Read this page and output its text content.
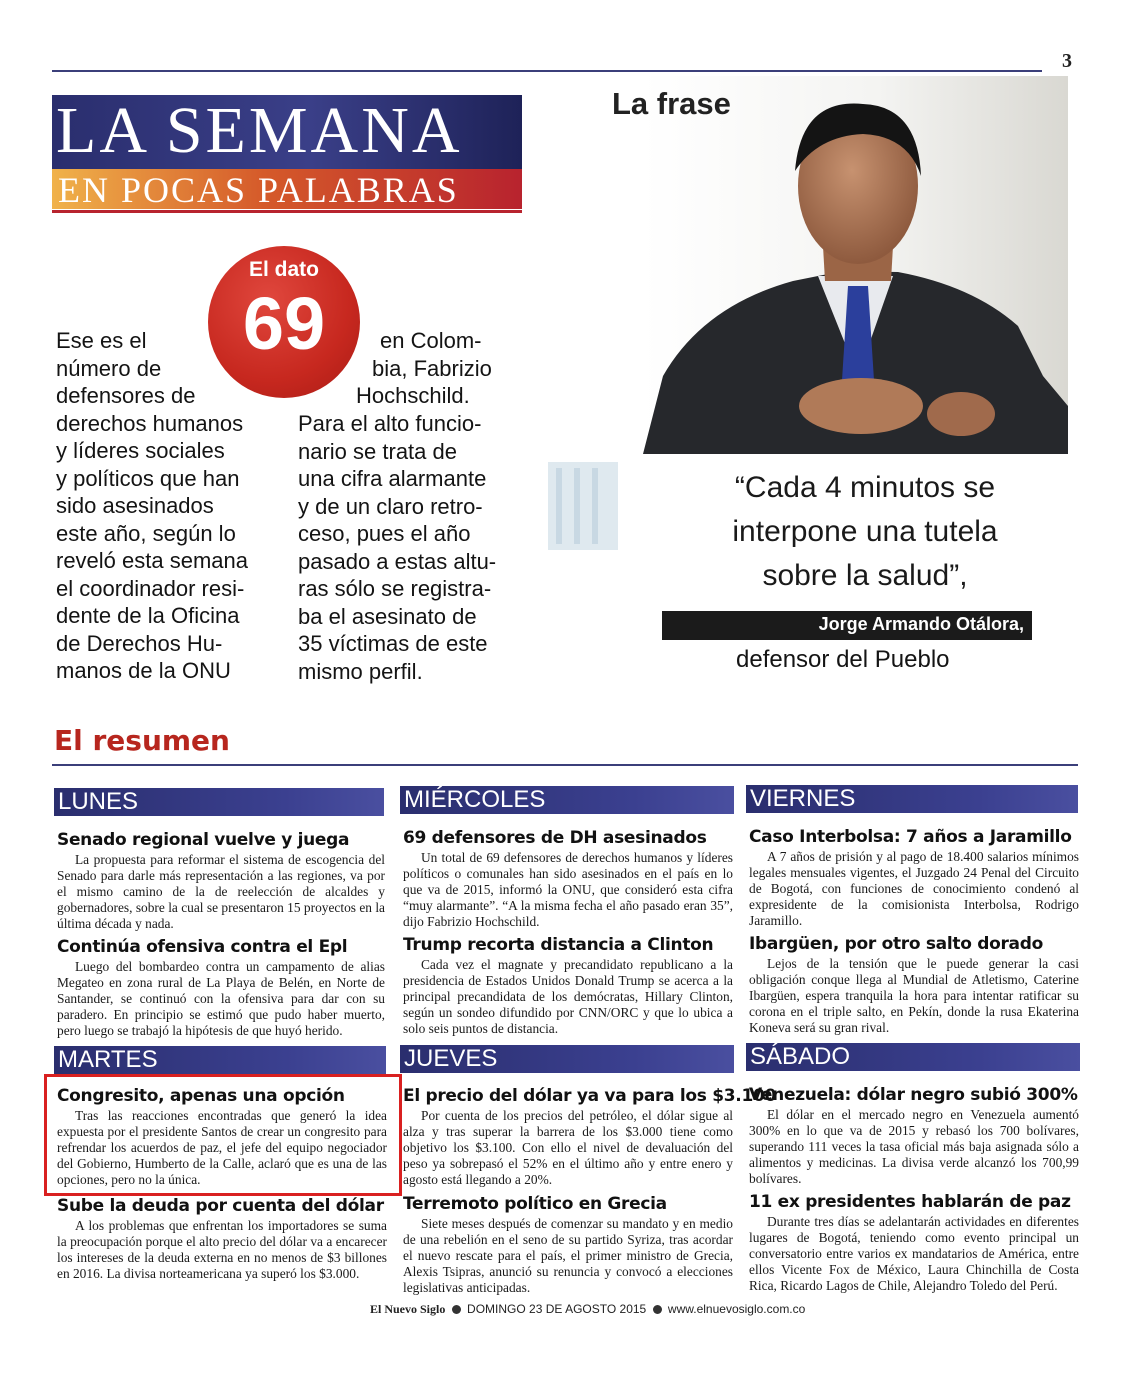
3
LA SEMANA
EN POCAS PALABRAS
El dato
69
Ese es el
número de
defensores de
derechos humanos
y líderes sociales
y políticos que han
sido asesinados
este año, según lo
reveló esta semana
el coordinador resi-
dente de la Oficina
de Derechos Hu-
manos de la ONU
en Colom-
bia, Fabrizio
Hochschild.
Para el alto funcio-
nario se trata de
una cifra alarmante
y de un claro retro-
ceso, pues el año
pasado a estas altu-
ras sólo se registra-
ba el asesinato de
35 víctimas de este
mismo perfil.
La frase
“Cada 4 minutos se
interpone una tutela
sobre la salud”,
Jorge Armando Otálora,
defensor del Pueblo
El resumen
LUNES
Senado regional vuelve y juega
La propuesta para reformar el sistema de escogencia del Senado para darle más representación a las regiones, va por el mismo camino de la de reelección de alcaldes y gobernadores, sobre la cual se presentaron 15 proyectos en la última década y nada.
Continúa ofensiva contra el Epl
Luego del bombardeo contra un campamento de alias Megateo en zona rural de La Playa de Belén, en Norte de Santander, se continuó con la ofensiva para dar con su paradero. En principio se estimó que pudo haber muerto, pero luego se trabajó la hipótesis de que huyó herido.
MARTES
Congresito, apenas una opción
Tras las reacciones encontradas que generó la idea expuesta por el presidente Santos de crear un congresito para refrendar los acuerdos de paz, el jefe del equipo negociador del Gobierno, Humberto de la Calle, aclaró que es una de las opciones, pero no la única.
Sube la deuda por cuenta del dólar
A los problemas que enfrentan los importadores se suma la preocupación porque el alto precio del dólar va a encarecer los intereses de la deuda externa en no menos de $3 billones en 2016. La divisa norteamericana ya superó los $3.000.
MIÉRCOLES
69 defensores de DH asesinados
Un total de 69 defensores de derechos humanos y líderes políticos o comunales han sido asesinados en el país en lo que va de 2015, informó la ONU, que consideró esta cifra “muy alarmante”. “A la misma fecha el año pasado eran 35”, dijo Fabrizio Hochschild.
Trump recorta distancia a Clinton
Cada vez el magnate y precandidato republicano a la presidencia de Estados Unidos Donald Trump se acerca a la principal precandidata de los demócratas, Hillary Clinton, según un sondeo difundido por CNN/ORC y que lo ubica a solo seis puntos de distancia.
JUEVES
El precio del dólar ya va para los $3.100
Por cuenta de los precios del petróleo, el dólar sigue al alza y tras superar la barrera de los $3.000 tiene como objetivo los $3.100. Con ello el nivel de devaluación del peso ya sobrepasó el 52% en el último año y entre enero y agosto está llegando a 20%.
Terremoto político en Grecia
Siete meses después de comenzar su mandato y en medio de una rebelión en el seno de su partido Syriza, tras acordar el nuevo rescate para el país, el primer ministro de Grecia, Alexis Tsipras, anunció su renuncia y convocó a elecciones legislativas anticipadas.
VIERNES
Caso Interbolsa: 7 años a Jaramillo
A 7 años de prisión y al pago de 18.400 salarios mínimos legales mensuales vigentes, el Juzgado 24 Penal del Circuito de Bogotá, con funciones de conocimiento condenó al expresidente de la comisionista Interbolsa, Rodrigo Jaramillo.
Ibargüen, por otro salto dorado
Lejos de la tensión que le puede generar la casi obligación conque llega al Mundial de Atletismo, Caterine Ibargüen, espera tranquila la hora para intentar ratificar su corona en el triple salto, en Pekín, donde la rusa Ekaterina Koneva será su gran rival.
SÁBADO
Venezuela: dólar negro subió 300%
El dólar en el mercado negro en Venezuela aumentó 300% en lo que va de 2015 y rebasó los 700 bolívares, superando 111 veces la tasa oficial más baja asignada sólo a alimentos y medicinas. La divisa verde alcanzó los 700,99 bolívares.
11 ex presidentes hablarán de paz
Durante tres días se adelantarán actividades en diferentes lugares de Bogotá, teniendo como evento principal un conversatorio entre varios ex mandatarios de América, entre ellos Vicente Fox de México, Laura Chinchilla de Costa Rica, Ricardo Lagos de Chile, Alejandro Toledo del Perú.
El Nuevo Siglo DOMINGO 23 DE AGOSTO 2015 www.elnuevosiglo.com.co
